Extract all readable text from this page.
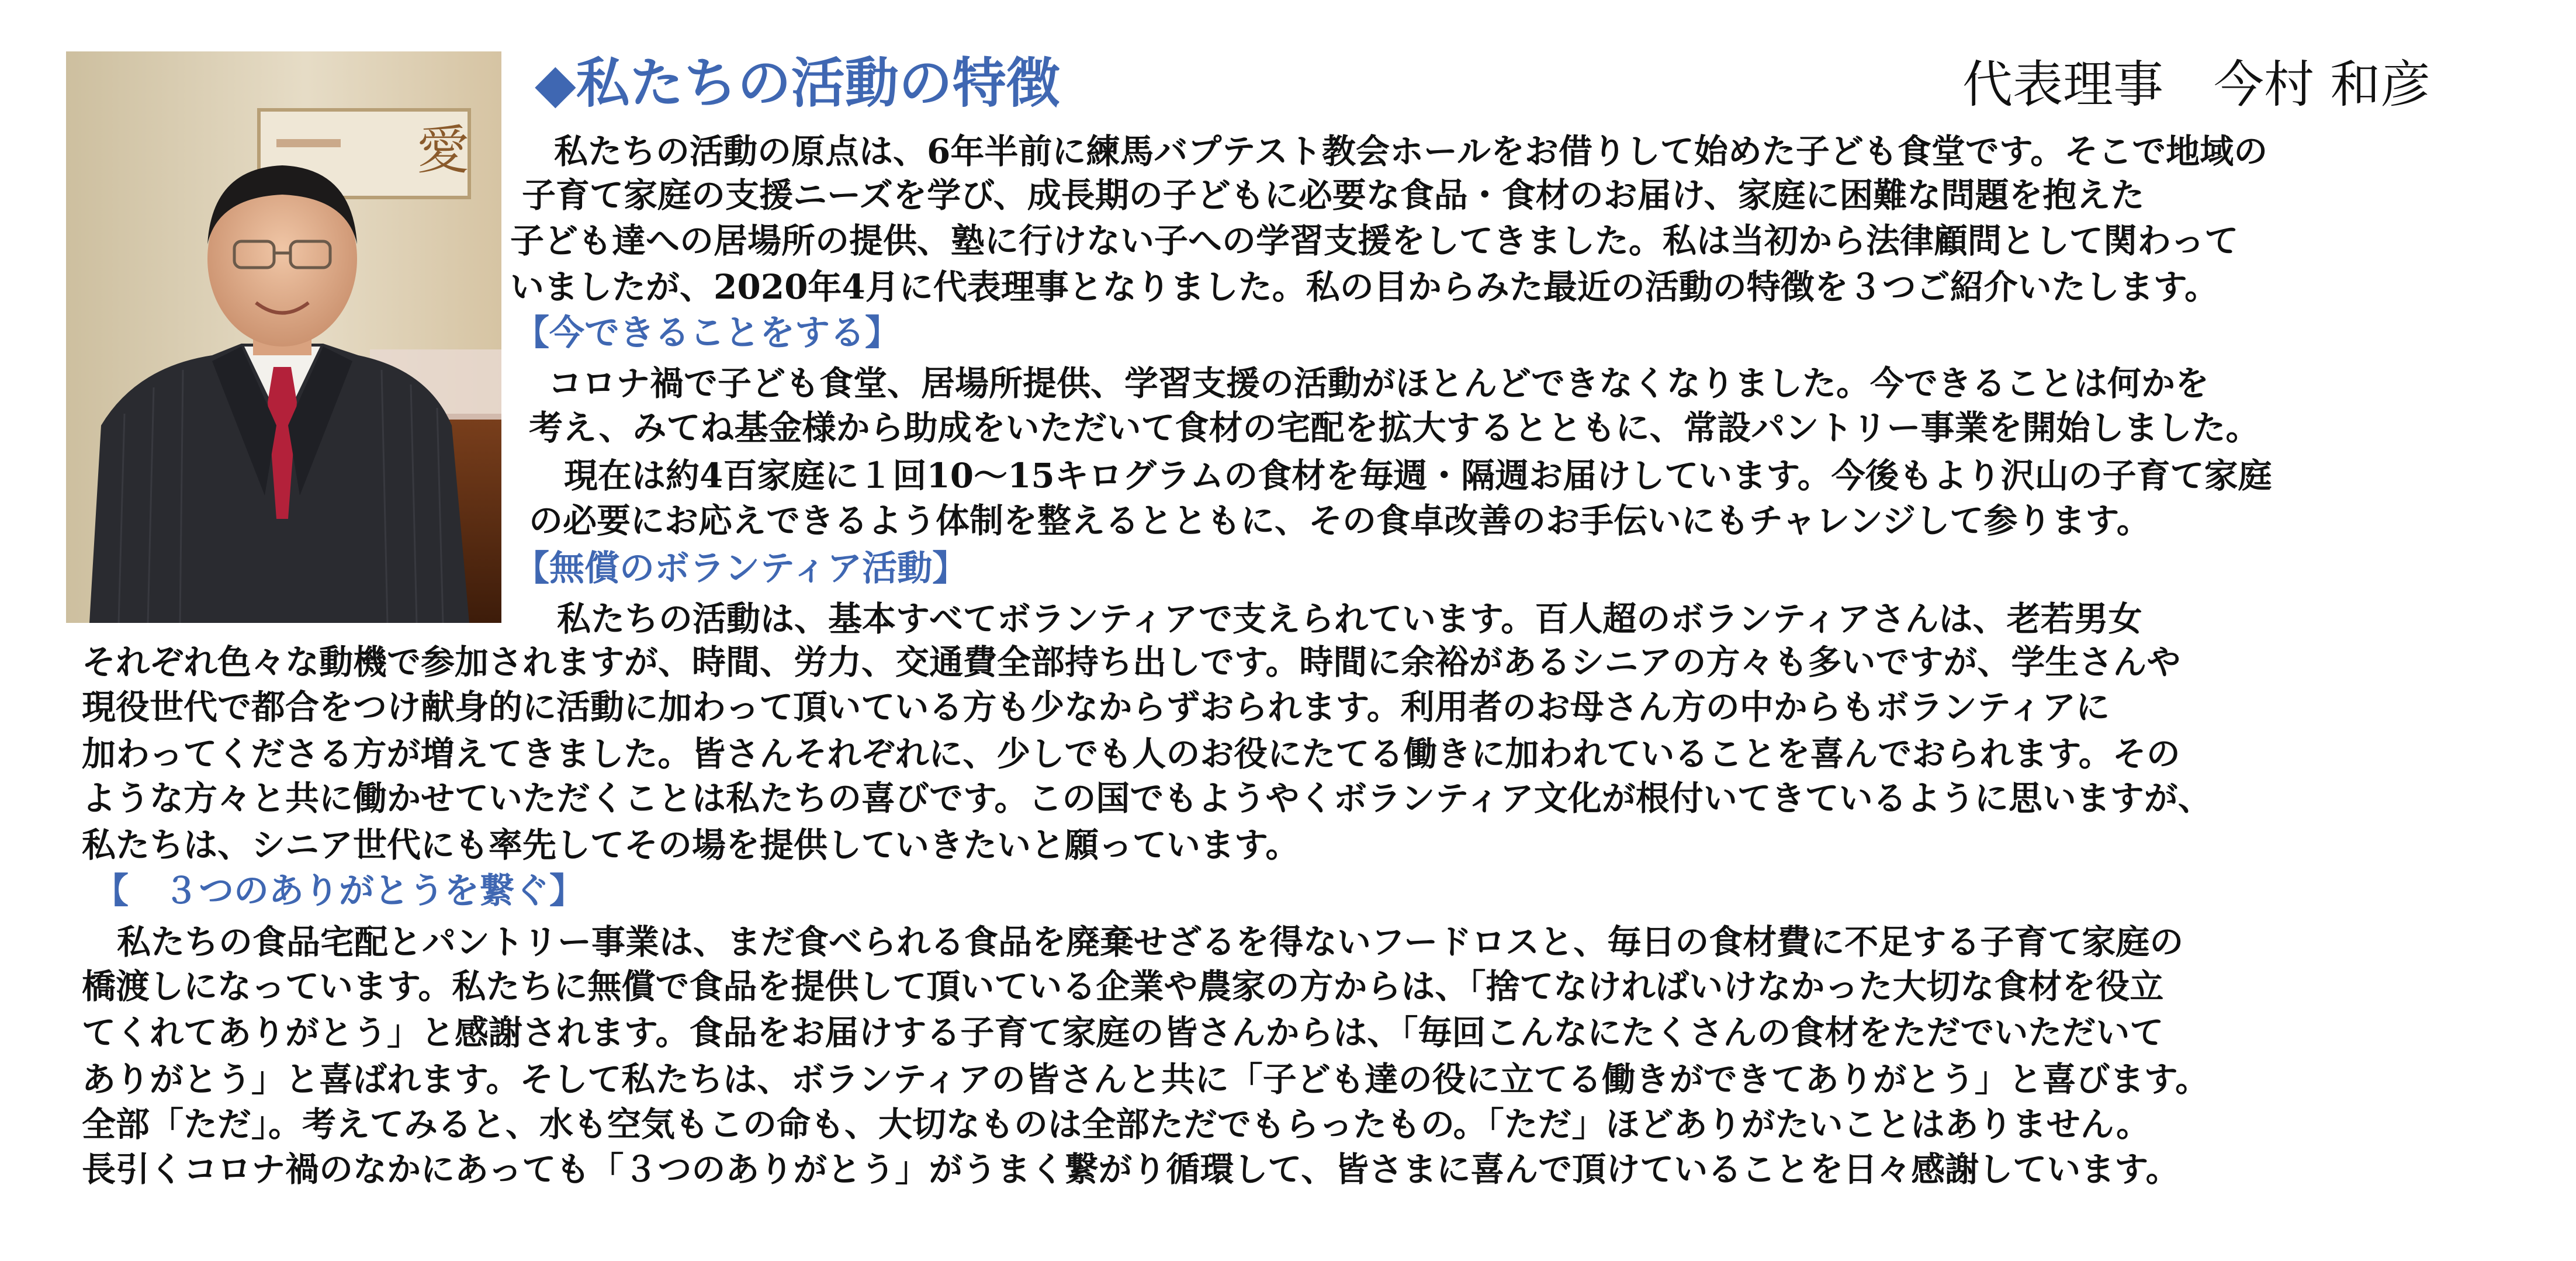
愛
◆私たちの活動の特徴	代表理事　今村 和彦
私たちの活動の原点は、6年半前に練馬バプテスト教会ホールをお借りして始めた子ども食堂です。そこで地域の
子育て家庭の支援ニーズを学び、成長期の子どもに必要な食品・食材のお届け、家庭に困難な問題を抱えた
子ども達への居場所の提供、塾に行けない子への学習支援をしてきました。私は当初から法律顧問として関わって
いましたが、2020年4月に代表理事となりました。私の目からみた最近の活動の特徴を３つご紹介いたします。
【今できることをする】
コロナ禍で子ども食堂、居場所提供、学習支援の活動がほとんどできなくなりました。今できることは何かを
考え、みてね基金様から助成をいただいて食材の宅配を拡大するとともに、常設パントリー事業を開始しました。
現在は約4百家庭に１回10～15キログラムの食材を毎週・隔週お届けしています。今後もより沢山の子育て家庭
の必要にお応えできるよう体制を整えるとともに、その食卓改善のお手伝いにもチャレンジして参ります。
【無償のボランティア活動】
私たちの活動は、基本すべてボランティアで支えられています。百人超のボランティアさんは、老若男女
それぞれ色々な動機で参加されますが、時間、労力、交通費全部持ち出しです。時間に余裕があるシニアの方々も多いですが、学生さんや
現役世代で都合をつけ献身的に活動に加わって頂いている方も少なからずおられます。利用者のお母さん方の中からもボランティアに
加わってくださる方が増えてきました。皆さんそれぞれに、少しでも人のお役にたてる働きに加われていることを喜んでおられます。その
ような方々と共に働かせていただくことは私たちの喜びです。この国でもようやくボランティア文化が根付いてきているように思いますが、
私たちは、シニア世代にも率先してその場を提供していきたいと願っています。
【　３つのありがとうを繋ぐ】
私たちの食品宅配とパントリー事業は、まだ食べられる食品を廃棄せざるを得ないフードロスと、毎日の食材費に不足する子育て家庭の
橋渡しになっています。私たちに無償で食品を提供して頂いている企業や農家の方からは、「捨てなければいけなかった大切な食材を役立
てくれてありがとう」と感謝されます。食品をお届けする子育て家庭の皆さんからは、「毎回こんなにたくさんの食材をただでいただいて
ありがとう」と喜ばれます。そして私たちは、ボランティアの皆さんと共に「子ども達の役に立てる働きができてありがとう」と喜びます。
全部「ただ」。考えてみると、水も空気もこの命も、大切なものは全部ただでもらったもの。「ただ」ほどありがたいことはありません。
長引くコロナ禍のなかにあっても「３つのありがとう」がうまく繋がり循環して、皆さまに喜んで頂けていることを日々感謝しています。
